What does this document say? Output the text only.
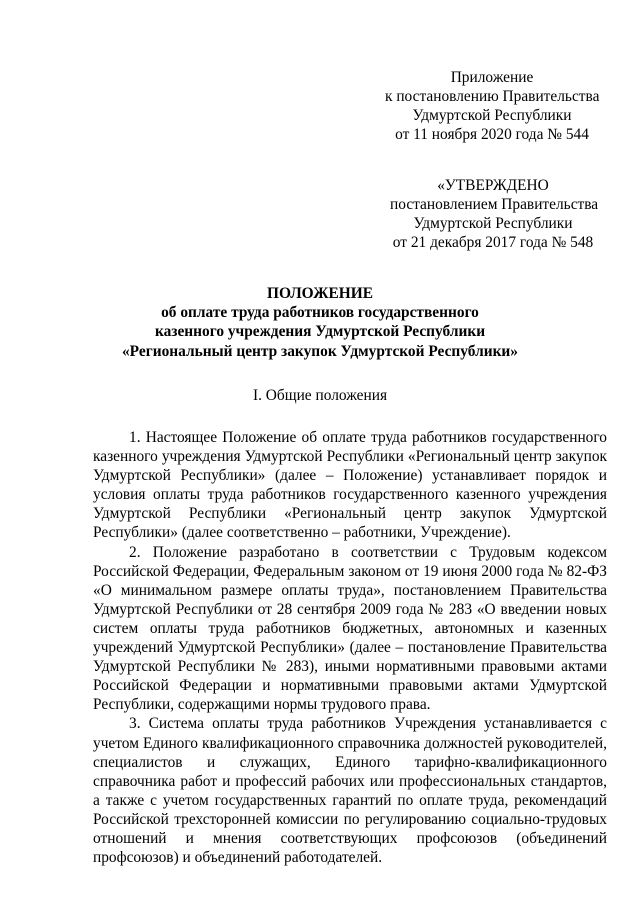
Приложение
к постановлению Правительства
Удмуртской Республики
от 11 ноября 2020 года № 544
«УТВЕРЖДЕНО
постановлением Правительства
Удмуртской Республики
от 21 декабря 2017 года № 548
ПОЛОЖЕНИЕ
об оплате труда работников государственного
казенного учреждения Удмуртской Республики
«Региональный центр закупок Удмуртской Республики»
I. Общие положения

1. Настоящее Положение об оплате труда работников государственного казенного учреждения Удмуртской Республики «Региональный центр закупок Удмуртской Республики» (далее – Положение) устанавливает порядок и условия оплаты труда работников государственного казенного учреждения Удмуртской Республики «Региональный центр закупок Удмуртской Республики» (далее соответственно – работники, Учреждение).

2. Положение разработано в соответствии с Трудовым кодексом Российской Федерации, Федеральным законом от 19 июня 2000 года № 82-ФЗ «О минимальном размере оплаты труда», постановлением Правительства Удмуртской Республики от 28 сентября 2009 года № 283 «О введении новых систем оплаты труда работников бюджетных, автономных и казенных учреждений Удмуртской Республики» (далее – постановление Правительства Удмуртской Республики № 283), иными нормативными правовыми актами Российской Федерации и нормативными правовыми актами Удмуртской Республики, содержащими нормы трудового права.

3. Система оплаты труда работников Учреждения устанавливается с учетом Единого квалификационного справочника должностей руководителей, специалистов и служащих, Единого тарифно-квалификационного справочника работ и профессий рабочих или профессиональных стандартов, а также с учетом государственных гарантий по оплате труда, рекомендаций Российской трехсторонней комиссии по регулированию социально-трудовых отношений и мнения соответствующих профсоюзов (объединений профсоюзов) и объединений работодателей.
